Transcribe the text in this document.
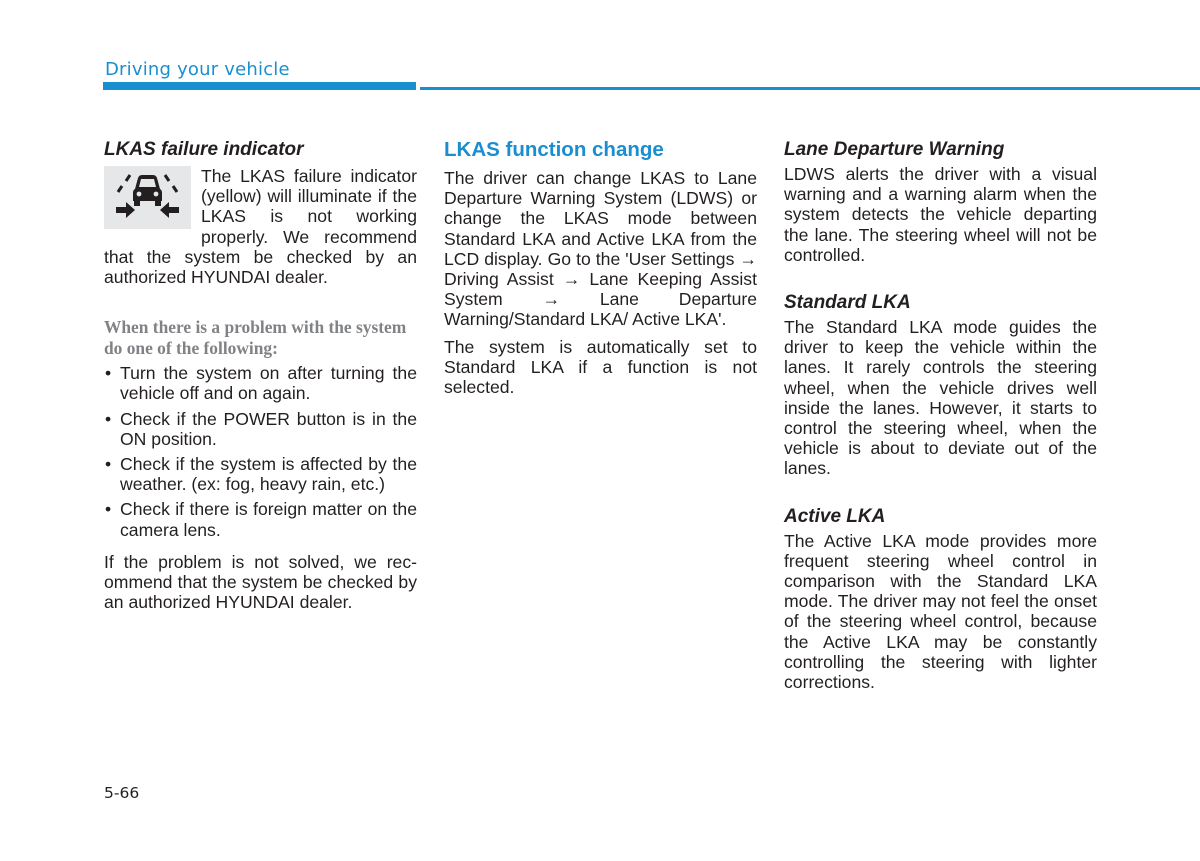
Driving your vehicle
LKAS failure indicator

The LKAS failure indicator (yellow) will illuminate if the LKAS is not working properly. We recommend that the system be checked by an authorized HYUNDAI dealer.

When there is a problem with the system do one of the following:
• Turn the system on after turning the vehicle off and on again.
• Check if the POWER button is in the ON position.
• Check if the system is affected by the weather. (ex: fog, heavy rain, etc.)
• Check if there is foreign matter on the camera lens.

If the problem is not solved, we recommend that the system be checked by an authorized HYUNDAI dealer.

LKAS function change

The driver can change LKAS to Lane Departure Warning System (LDWS) or change the LKAS mode between Standard LKA and Active LKA from the LCD display. Go to the 'User Settings → Driving Assist → Lane Keeping Assist System → Lane Departure Warning/Standard LKA/ Active LKA'.

The system is automatically set to Standard LKA if a function is not selected.

Lane Departure Warning

LDWS alerts the driver with a visual warning and a warning alarm when the system detects the vehicle departing the lane. The steering wheel will not be controlled.

Standard LKA

The Standard LKA mode guides the driver to keep the vehicle within the lanes. It rarely controls the steering wheel, when the vehicle drives well inside the lanes. However, it starts to control the steering wheel, when the vehicle is about to deviate out of the lanes.

Active LKA

The Active LKA mode provides more frequent steering wheel control in comparison with the Standard LKA mode. The driver may not feel the onset of the steering wheel control, because the Active LKA may be constantly controlling the steering with lighter corrections.

5-66
